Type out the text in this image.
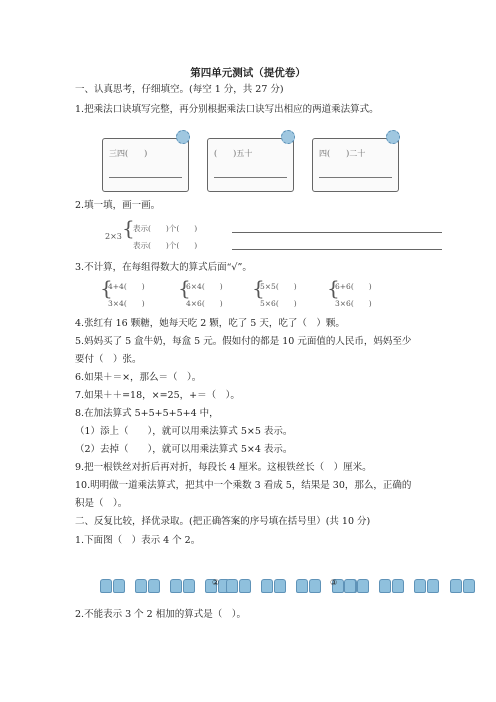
第四单元测试（提优卷）
一、认真思考，仔细填空。(每空 1 分，共 27 分)
1.把乘法口诀填写完整，再分别根据乘法口诀写出相应的两道乘法算式。
三四(　　)	(　　)五十	四(　　)二十
2.填一填，画一画。
2×3 {
表示(　　)个(　　)
表示(　　)个(　　)
3.不计算，在每组得数大的算式后面“√”。
{
4+4(　　)
3×4(　　)
{
6×4(　　)
4×6(　　)
{
5×5(　　)
5×6(　　)
{
6+6(　　)
3×6(　　)
4.张红有 16 颗糖，她每天吃 2 颗，吃了 5 天，吃了（　）颗。
5.妈妈买了 5 盒牛奶，每盒 5 元。假如付的都是 10 元面值的人民币，妈妈至少
要付（　）张。
6.如果＋＝×，那么＝（　）。
7.如果＋＋=18，×=25，+＝（　）。
8.在加法算式 5+5+5+5+4 中，
（1）添上（　　），就可以用乘法算式 5×5 表示。
（2）去掉（　　），就可以用乘法算式 5×4 表示。
9.把一根铁丝对折后再对折，每段长 4 厘米。这根铁丝长（　）厘米。
10.明明做一道乘法算式，把其中一个乘数 3 看成 5，结果是 30，那么，正确的
积是（　）。
二、反复比较，择优录取。(把正确答案的序号填在括号里）(共 10 分)
1.下面图（　）表示 4 个 2。

②	③
2.不能表示 3 个 2 相加的算式是（　）。
